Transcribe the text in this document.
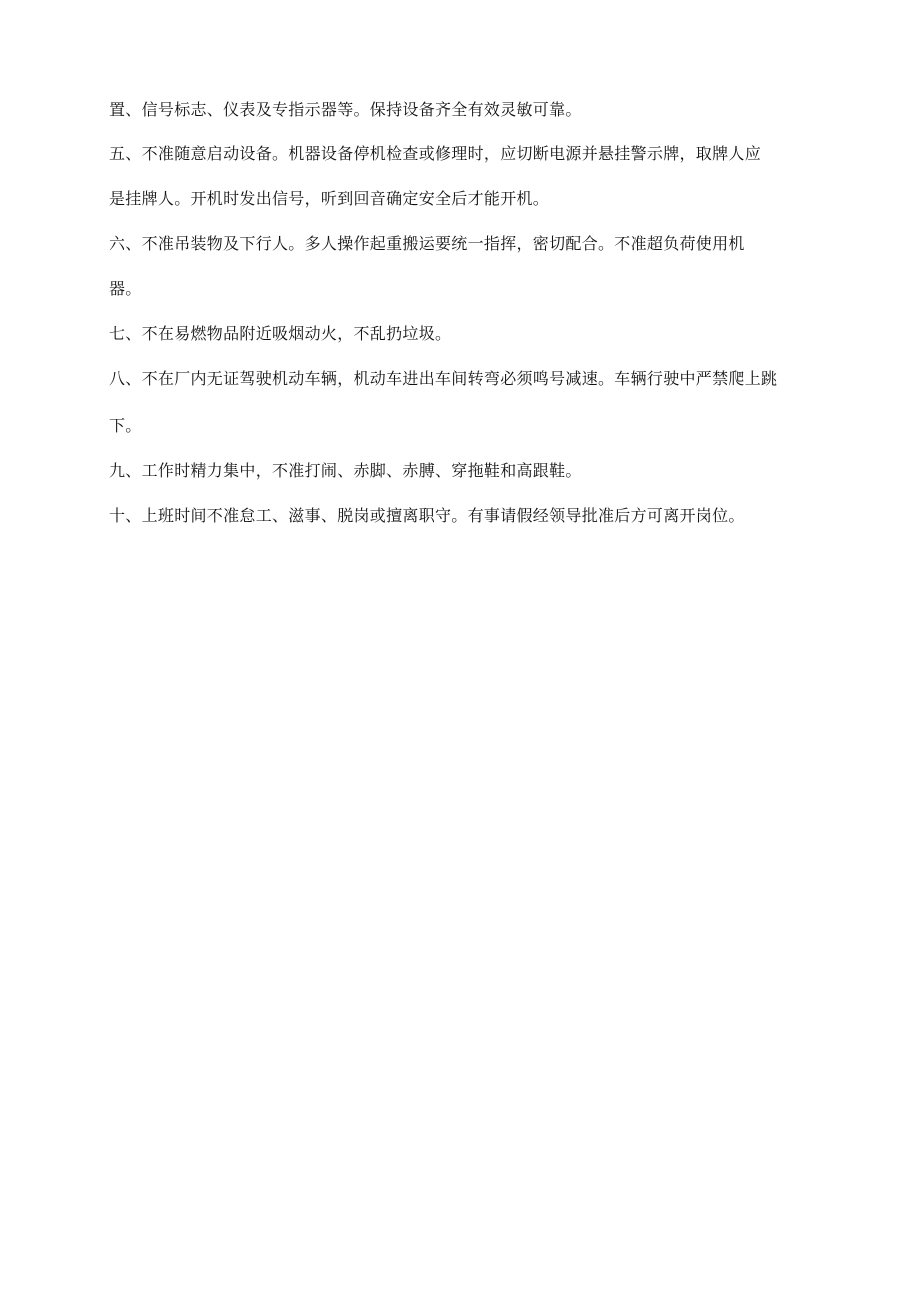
置、信号标志、仪表及专指示器等。保持设备齐全有效灵敏可靠。
五、不准随意启动设备。机器设备停机检查或修理时，应切断电源并悬挂警示牌，取牌人应
是挂牌人。开机时发出信号，听到回音确定安全后才能开机。
六、不准吊装物及下行人。多人操作起重搬运要统一指挥，密切配合。不准超负荷使用机
器。
七、不在易燃物品附近吸烟动火，不乱扔垃圾。
八、不在厂内无证驾驶机动车辆，机动车进出车间转弯必须鸣号减速。车辆行驶中严禁爬上跳
下。
九、工作时精力集中，不准打闹、赤脚、赤膊、穿拖鞋和高跟鞋。
十、上班时间不准怠工、滋事、脱岗或擅离职守。有事请假经领导批准后方可离开岗位。
